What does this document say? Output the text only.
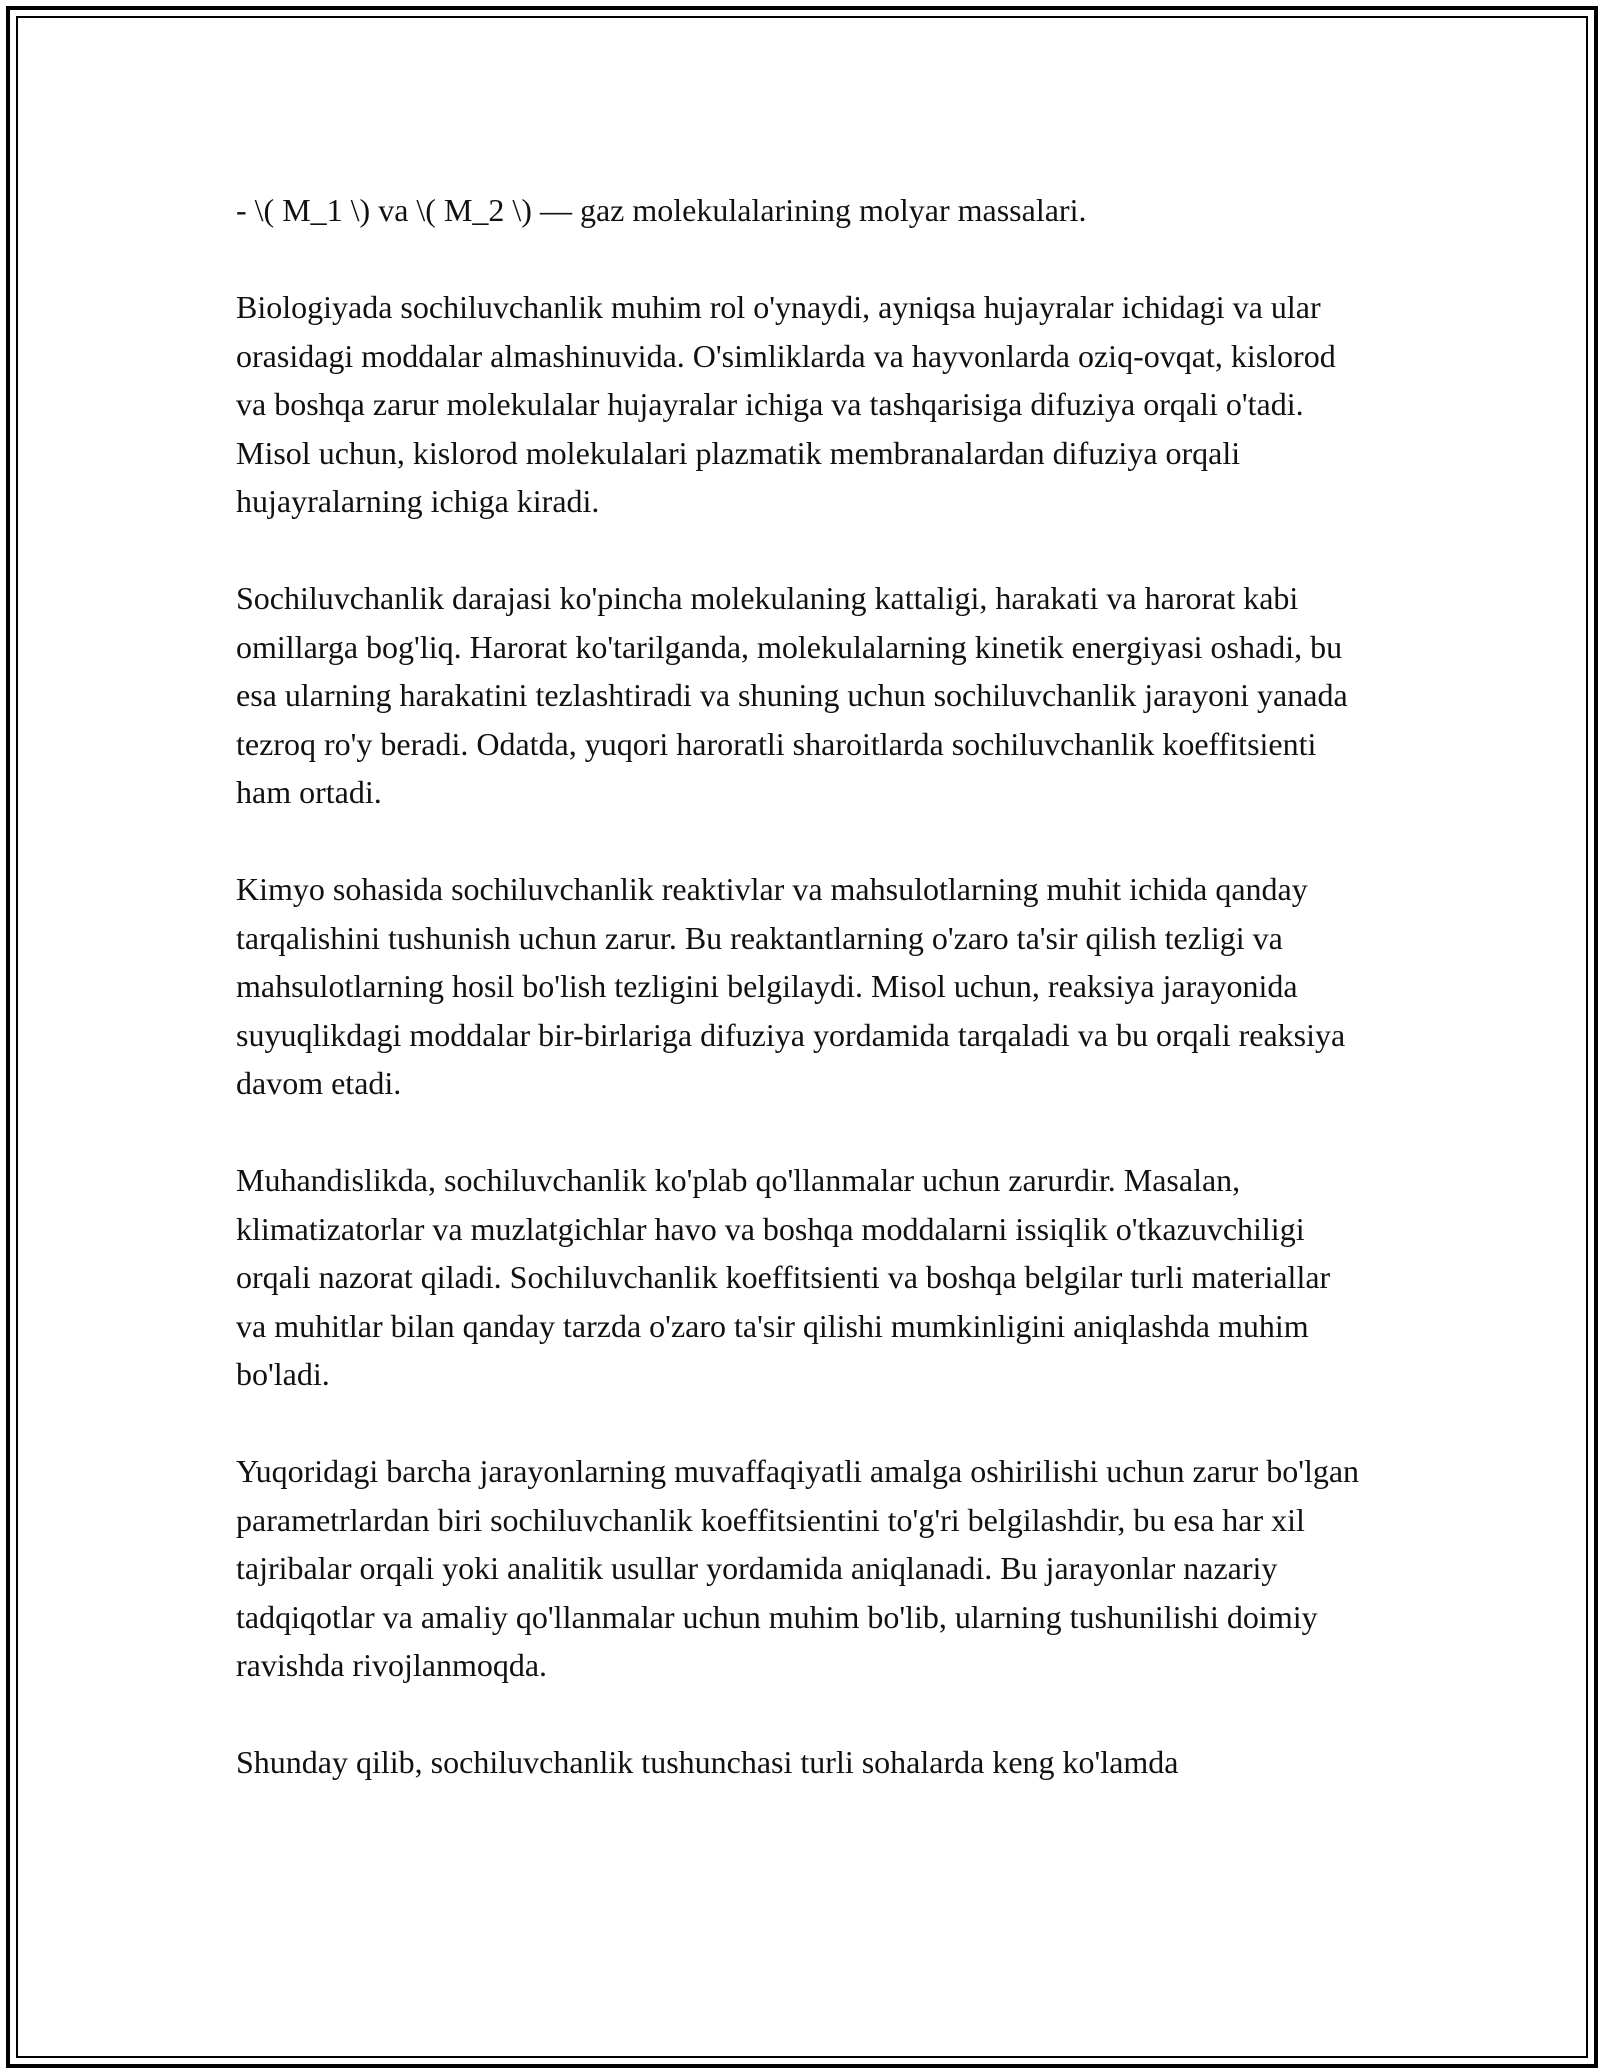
- \( M_1 \) va \( M_2 \) — gaz molekulalarining molyar massalari.

Biologiyada sochiluvchanlik muhim rol o'ynaydi, ayniqsa hujayralar ichidagi va ular orasidagi moddalar almashinuvida. O'simliklarda va hayvonlarda oziq-ovqat, kislorod va boshqa zarur molekulalar hujayralar ichiga va tashqarisiga difuziya orqali o'tadi. Misol uchun, kislorod molekulalari plazmatik membranalardan difuziya orqali hujayralarning ichiga kiradi.

Sochiluvchanlik darajasi ko'pincha molekulaning kattaligi, harakati va harorat kabi omillarga bog'liq. Harorat ko'tarilganda, molekulalarning kinetik energiyasi oshadi, bu esa ularning harakatini tezlashtiradi va shuning uchun sochiluvchanlik jarayoni yanada tezroq ro'y beradi. Odatda, yuqori haroratli sharoitlarda sochiluvchanlik koeffitsienti ham ortadi.

Kimyo sohasida sochiluvchanlik reaktivlar va mahsulotlarning muhit ichida qanday tarqalishini tushunish uchun zarur. Bu reaktantlarning o'zaro ta'sir qilish tezligi va mahsulotlarning hosil bo'lish tezligini belgilaydi. Misol uchun, reaksiya jarayonida suyuqlikdagi moddalar bir-birlariga difuziya yordamida tarqaladi va bu orqali reaksiya davom etadi.

Muhandislikda, sochiluvchanlik ko'plab qo'llanmalar uchun zarurdir. Masalan, klimatizatorlar va muzlatgichlar havo va boshqa moddalarni issiqlik o'tkazuvchiligi orqali nazorat qiladi. Sochiluvchanlik koeffitsienti va boshqa belgilar turli materiallar va muhitlar bilan qanday tarzda o'zaro ta'sir qilishi mumkinligini aniqlashda muhim bo'ladi.

Yuqoridagi barcha jarayonlarning muvaffaqiyatli amalga oshirilishi uchun zarur bo'lgan parametrlardan biri sochiluvchanlik koeffitsientini to'g'ri belgilashdir, bu esa har xil tajribalar orqali yoki analitik usullar yordamida aniqlanadi. Bu jarayonlar nazariy tadqiqotlar va amaliy qo'llanmalar uchun muhim bo'lib, ularning tushunilishi doimiy ravishda rivojlanmoqda.

Shunday qilib, sochiluvchanlik tushunchasi turli sohalarda keng ko'lamda
